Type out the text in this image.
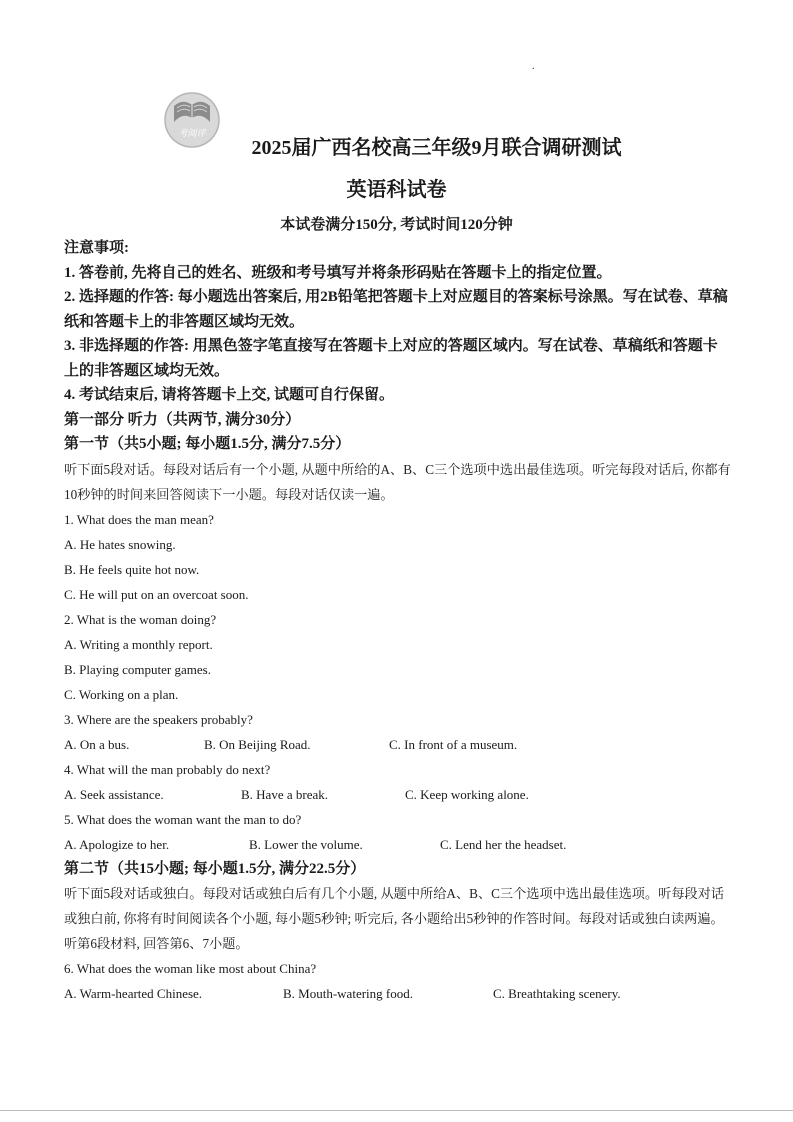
.
考阅评
2025届广西名校高三年级9月联合调研测试
英语科试卷
本试卷满分150分, 考试时间120分钟
注意事项:
1. 答卷前, 先将自己的姓名、班级和考号填写并将条形码贴在答题卡上的指定位置。
2. 选择题的作答: 每小题选出答案后, 用2B铅笔把答题卡上对应题目的答案标号涂黑。写在试卷、草稿纸和答题卡上的非答题区域均无效。
3. 非选择题的作答: 用黑色签字笔直接写在答题卡上对应的答题区域内。写在试卷、草稿纸和答题卡上的非答题区域均无效。
4. 考试结束后, 请将答题卡上交, 试题可自行保留。
第一部分 听力（共两节, 满分30分）
第一节（共5小题; 每小题1.5分, 满分7.5分）
听下面5段对话。每段对话后有一个小题, 从题中所给的A、B、C三个选项中选出最佳选项。听完每段对话后, 你都有 10秒钟的时间来回答阅读下一小题。每段对话仅读一遍。
1. What does the man mean?
A. He hates snowing.
B. He feels quite hot now.
C. He will put on an overcoat soon.
2. What is the woman doing?
A. Writing a monthly report.
B. Playing computer games.
C. Working on a plan.
3. Where are the speakers probably?
A. On a bus.	B. On Beijing Road.	C. In front of a museum.
4. What will the man probably do next?
A. Seek assistance.	B. Have a break.	C. Keep working alone.
5. What does the woman want the man to do?
A. Apologize to her.	B. Lower the volume.	C. Lend her the headset.
第二节（共15小题; 每小题1.5分, 满分22.5分）
听下面5段对话或独白。每段对话或独白后有几个小题, 从题中所给A、B、C三个选项中选出最佳选项。听每段对话或独白前, 你将有时间阅读各个小题, 每小题5秒钟; 听完后, 各小题给出5秒钟的作答时间。每段对话或独白读两遍。
听第6段材料, 回答第6、7小题。
6. What does the woman like most about China?
A. Warm-hearted Chinese.	B. Mouth-watering food.	C. Breathtaking scenery.
